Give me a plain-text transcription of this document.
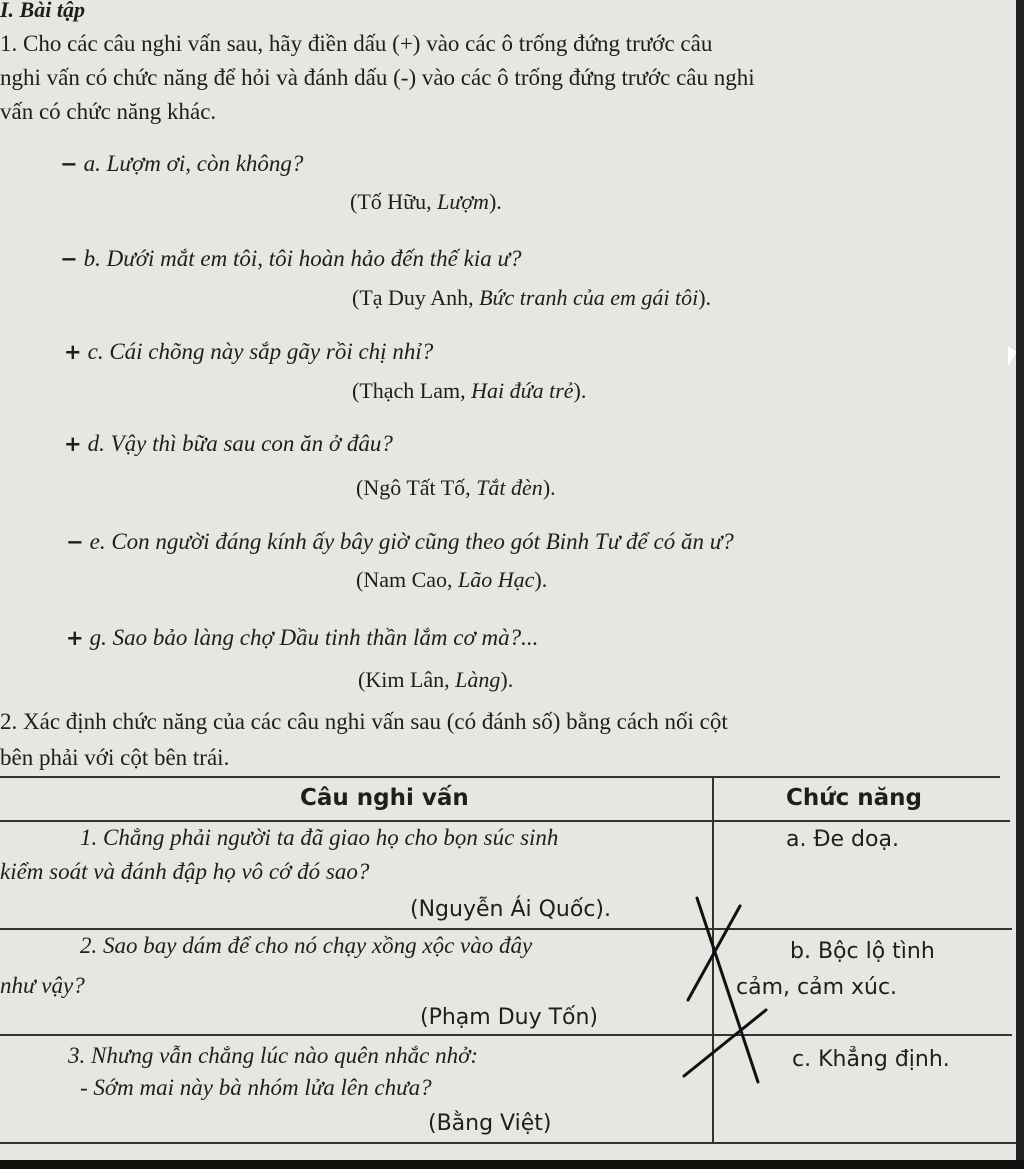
I. Bài tập
1. Cho các câu nghi vấn sau, hãy điền dấu (+) vào các ô trống đứng trước câu
nghi vấn có chức năng để hỏi và đánh dấu (-) vào các ô trống đứng trước câu nghi
vấn có chức năng khác.
− a. Lượm ơi, còn không?
(Tố Hữu, Lượm).
− b. Dưới mắt em tôi, tôi hoàn hảo đến thế kia ư?
(Tạ Duy Anh, Bức tranh của em gái tôi).
+ c. Cái chõng này sắp gãy rồi chị nhỉ?
(Thạch Lam, Hai đứa trẻ).
+ d. Vậy thì bữa sau con ăn ở đâu?
(Ngô Tất Tố, Tắt đèn).
− e. Con người đáng kính ấy bây giờ cũng theo gót Binh Tư để có ăn ư?
(Nam Cao, Lão Hạc).
+ g. Sao bảo làng chợ Dầu tinh thần lắm cơ mà?...
(Kim Lân, Làng).
2. Xác định chức năng của các câu nghi vấn sau (có đánh số) bằng cách nối cột
bên phải với cột bên trái.
Câu nghi vấn	Chức năng
1. Chẳng phải người ta đã giao họ cho bọn súc sinh
kiểm soát và đánh đập họ vô cớ đó sao?
(Nguyễn Ái Quốc).
a. Đe doạ.
2. Sao bay dám để cho nó chạy xồng xộc vào đây
như vậy?
(Phạm Duy Tốn)
b. Bộc lộ tình
cảm, cảm xúc.
3. Nhưng vẫn chẳng lúc nào quên nhắc nhở:
- Sớm mai này bà nhóm lửa lên chưa?
(Bằng Việt)
c. Khẳng định.
